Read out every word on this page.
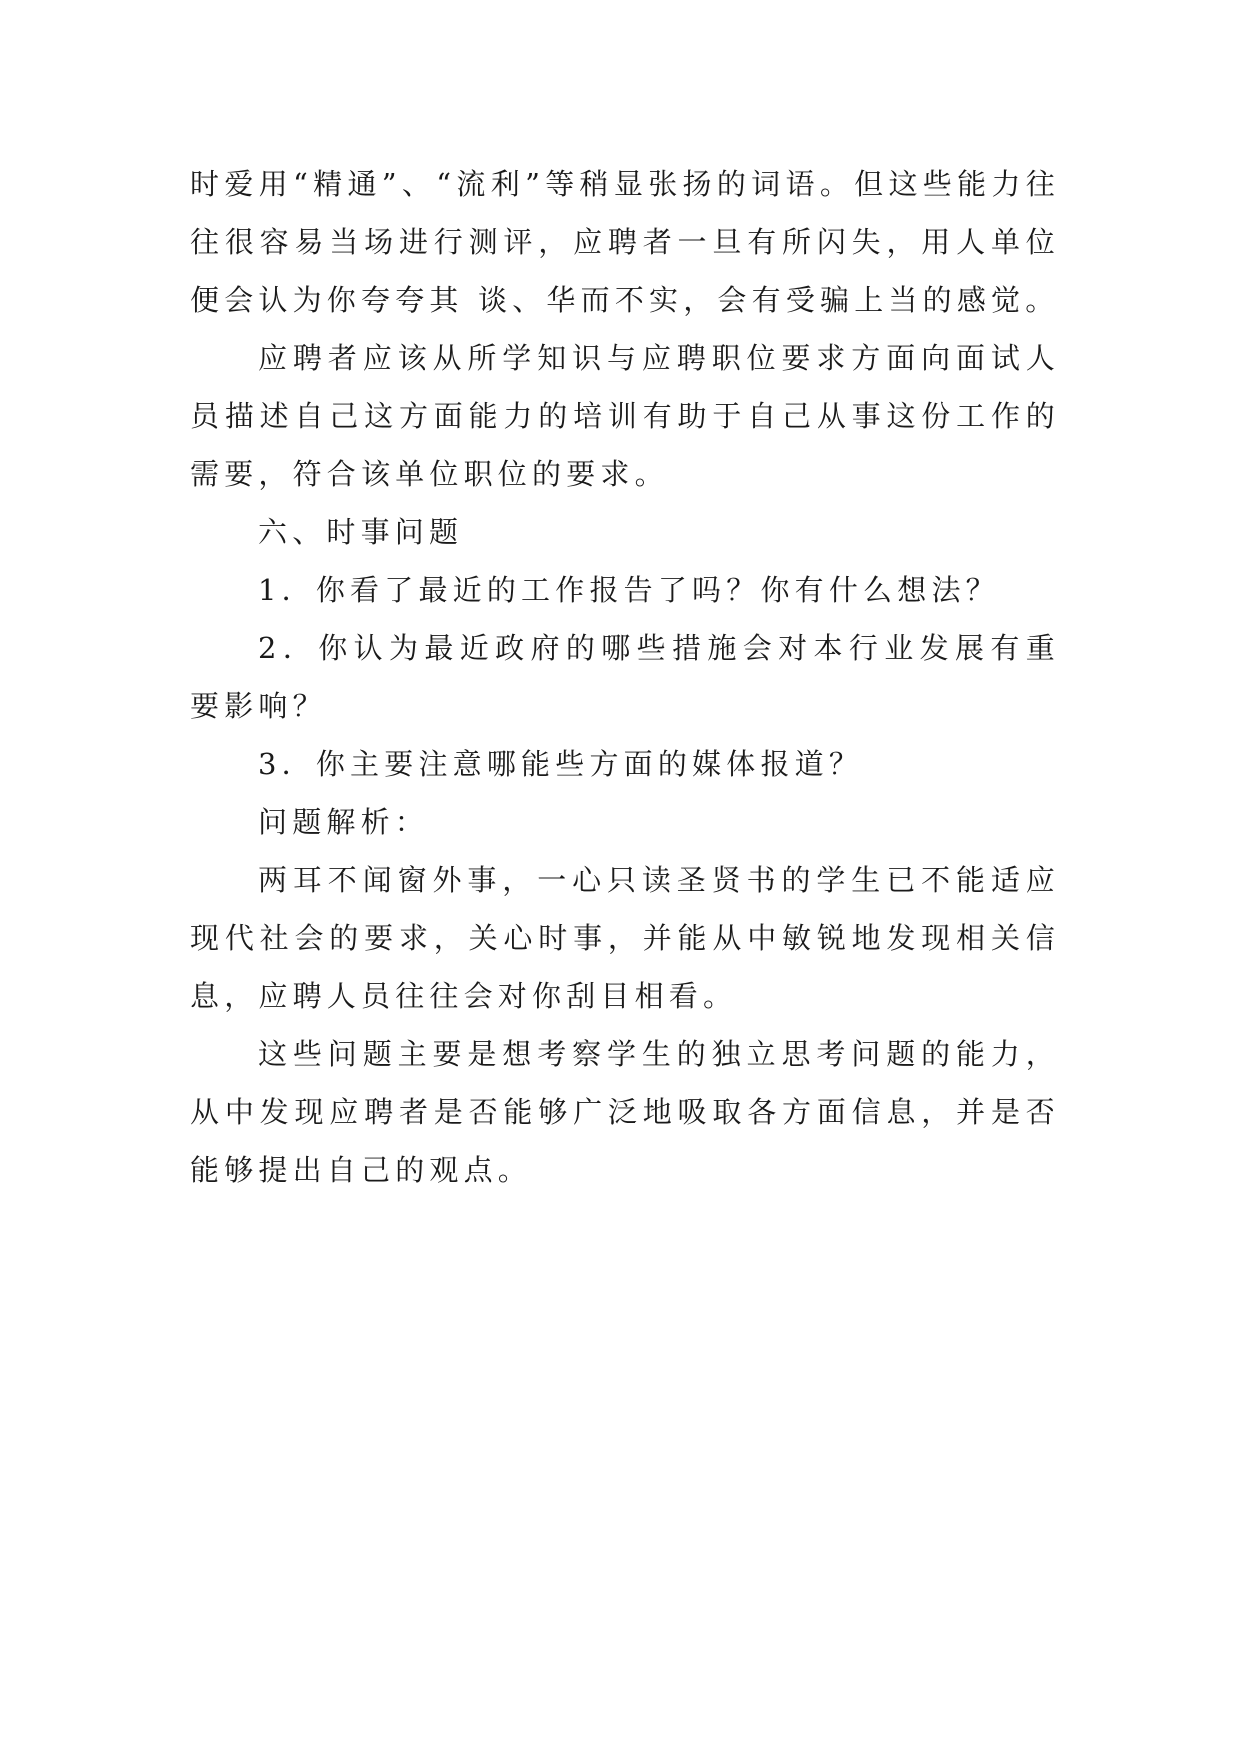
时爱用“精通”、“流利”等稍显张扬的词语。但这些能力往往很容易当场进行测评，应聘者一旦有所闪失，用人单位便会认为你夸夸其 谈、华而不实，会有受骗上当的感觉。

应聘者应该从所学知识与应聘职位要求方面向面试人员描述自己这方面能力的培训有助于自己从事这份工作的需要，符合该单位职位的要求。

六、时事问题

1．你看了最近的工作报告了吗？你有什么想法？

2．你认为最近政府的哪些措施会对本行业发展有重要影响？

3．你主要注意哪能些方面的媒体报道？

问题解析：

两耳不闻窗外事，一心只读圣贤书的学生已不能适应现代社会的要求，关心时事，并能从中敏锐地发现相关信息，应聘人员往往会对你刮目相看。

这些问题主要是想考察学生的独立思考问题的能力，从中发现应聘者是否能够广泛地吸取各方面信息，并是否能够提出自己的观点。
